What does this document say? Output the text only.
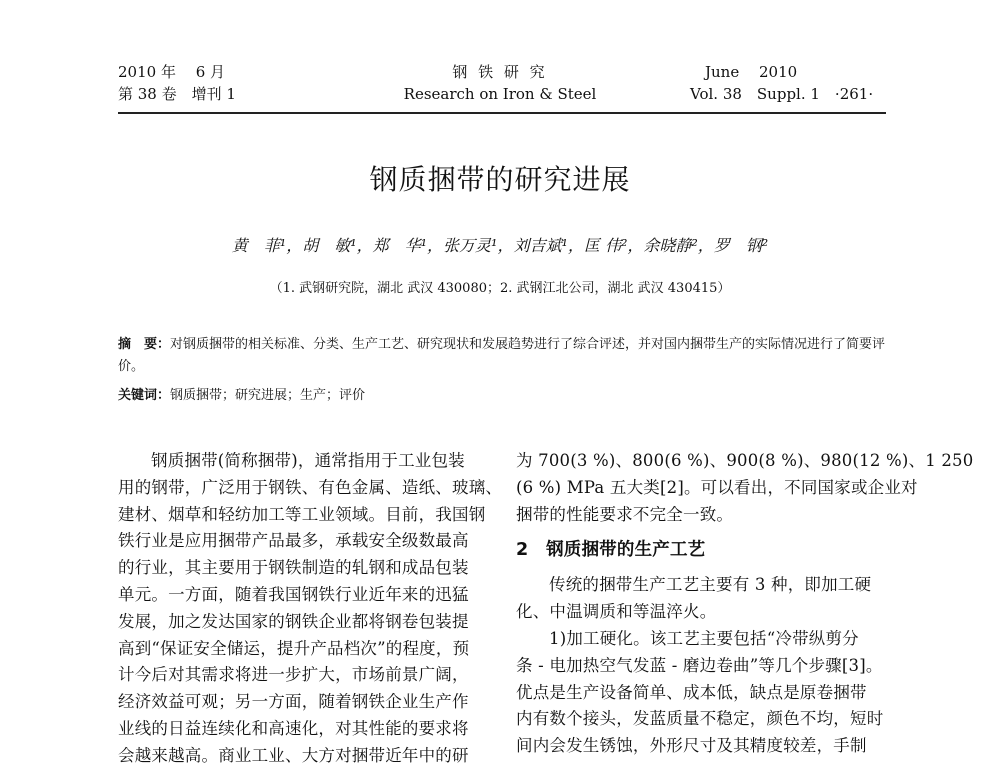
2010 年　 6 月
第 38 卷　增刊 1
钢 铁 研 究
Research on Iron & Steel
June　 2010
Vol. 38　Suppl. 1　·261·
钢质捆带的研究进展
黄　菲¹，胡　敏¹，郑　华¹，张万灵¹，刘吉斌¹，匡 伟²，余晓静²，罗　钢²
（1. 武钢研究院，湖北 武汉 430080；2. 武钢江北公司，湖北 武汉 430415）
摘　要：对钢质捆带的相关标准、分类、生产工艺、研究现状和发展趋势进行了综合评述，并对国内捆带生产的实际情况进行了简要评价。
关键词：钢质捆带；研究进展；生产；评价

钢质捆带(简称捆带)，通常指用于工业包装

用的钢带，广泛用于钢铁、有色金属、造纸、玻璃、

建材、烟草和轻纺加工等工业领域。目前，我国钢

铁行业是应用捆带产品最多，承载安全级数最高

的行业，其主要用于钢铁制造的轧钢和成品包装

单元。一方面，随着我国钢铁行业近年来的迅猛

发展，加之发达国家的钢铁企业都将钢卷包装提

高到“保证安全储运，提升产品档次”的程度，预

计今后对其需求将进一步扩大，市场前景广阔，

经济效益可观；另一方面，随着钢铁企业生产作

业线的日益连续化和高速化，对其性能的要求将

会越来越高。商业工业、大方对捆带近年中的研

为 700(3 %)、800(6 %)、900(8 %)、980(12 %)、1 250

(6 %) MPa 五大类[2]。可以看出，不同国家或企业对

捆带的性能要求不完全一致。

2　钢质捆带的生产工艺

传统的捆带生产工艺主要有 3 种，即加工硬

化、中温调质和等温淬火。

1)加工硬化。该工艺主要包括“冷带纵剪分

条 - 电加热空气发蓝 - 磨边卷曲”等几个步骤[3]。

优点是生产设备简单、成本低，缺点是原卷捆带

内有数个接头，发蓝质量不稳定，颜色不均，短时

间内会发生锈蚀，外形尺寸及其精度较差，手制
